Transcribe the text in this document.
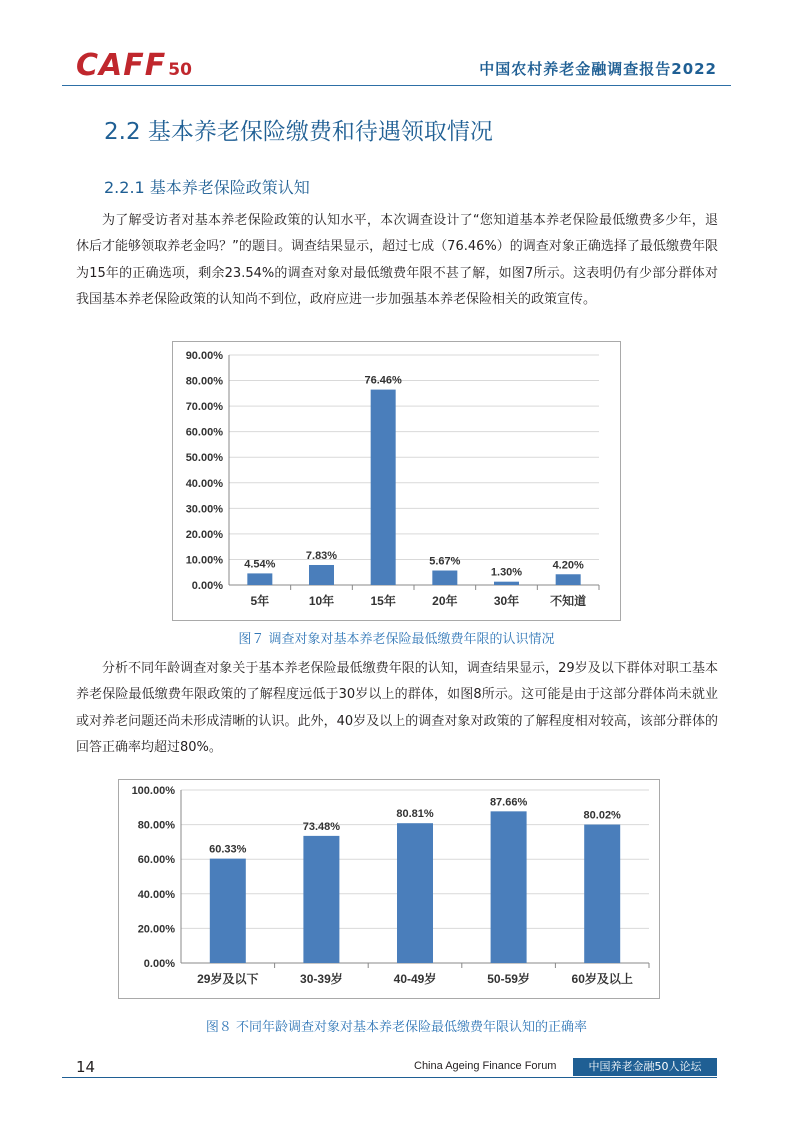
CAFF 50	中国农村养老金融调查报告2022
2.2 基本养老保险缴费和待遇领取情况
2.2.1 基本养老保险政策认知

为了解受访者对基本养老保险政策的认知水平，本次调查设计了“您知道基本养老保险最低缴费多少年，退休后才能够领取养老金吗？”的题目。调查结果显示，超过七成（76.46%）的调查对象正确选择了最低缴费年限为15年的正确选项，剩余23.54%的调查对象对最低缴费年限不甚了解，如图7所示。这表明仍有少部分群体对我国基本养老保险政策的认知尚不到位，政府应进一步加强基本养老保险相关的政策宣传。

0.00%
10.00%
20.00%
30.00%
40.00%
50.00%
60.00%
70.00%
80.00%
90.00%
4.54%
5年
7.83%
10年
76.46%
15年
5.67%
20年
1.30%
30年
4.20%
不知道
图７ 调查对象对基本养老保险最低缴费年限的认识情况

分析不同年龄调查对象关于基本养老保险最低缴费年限的认知，调查结果显示，29岁及以下群体对职工基本养老保险最低缴费年限政策的了解程度远低于30岁以上的群体，如图8所示。这可能是由于这部分群体尚未就业或对养老问题还尚未形成清晰的认识。此外，40岁及以上的调查对象对政策的了解程度相对较高，该部分群体的回答正确率均超过80%。

0.00%
20.00%
40.00%
60.00%
80.00%
100.00%
60.33%
29岁及以下
73.48%
30-39岁
80.81%
40-49岁
87.66%
50-59岁
80.02%
60岁及以上
图８ 不同年龄调查对象对基本养老保险最低缴费年限认知的正确率
14	China Ageing Finance Forum	中国养老金融50人论坛
